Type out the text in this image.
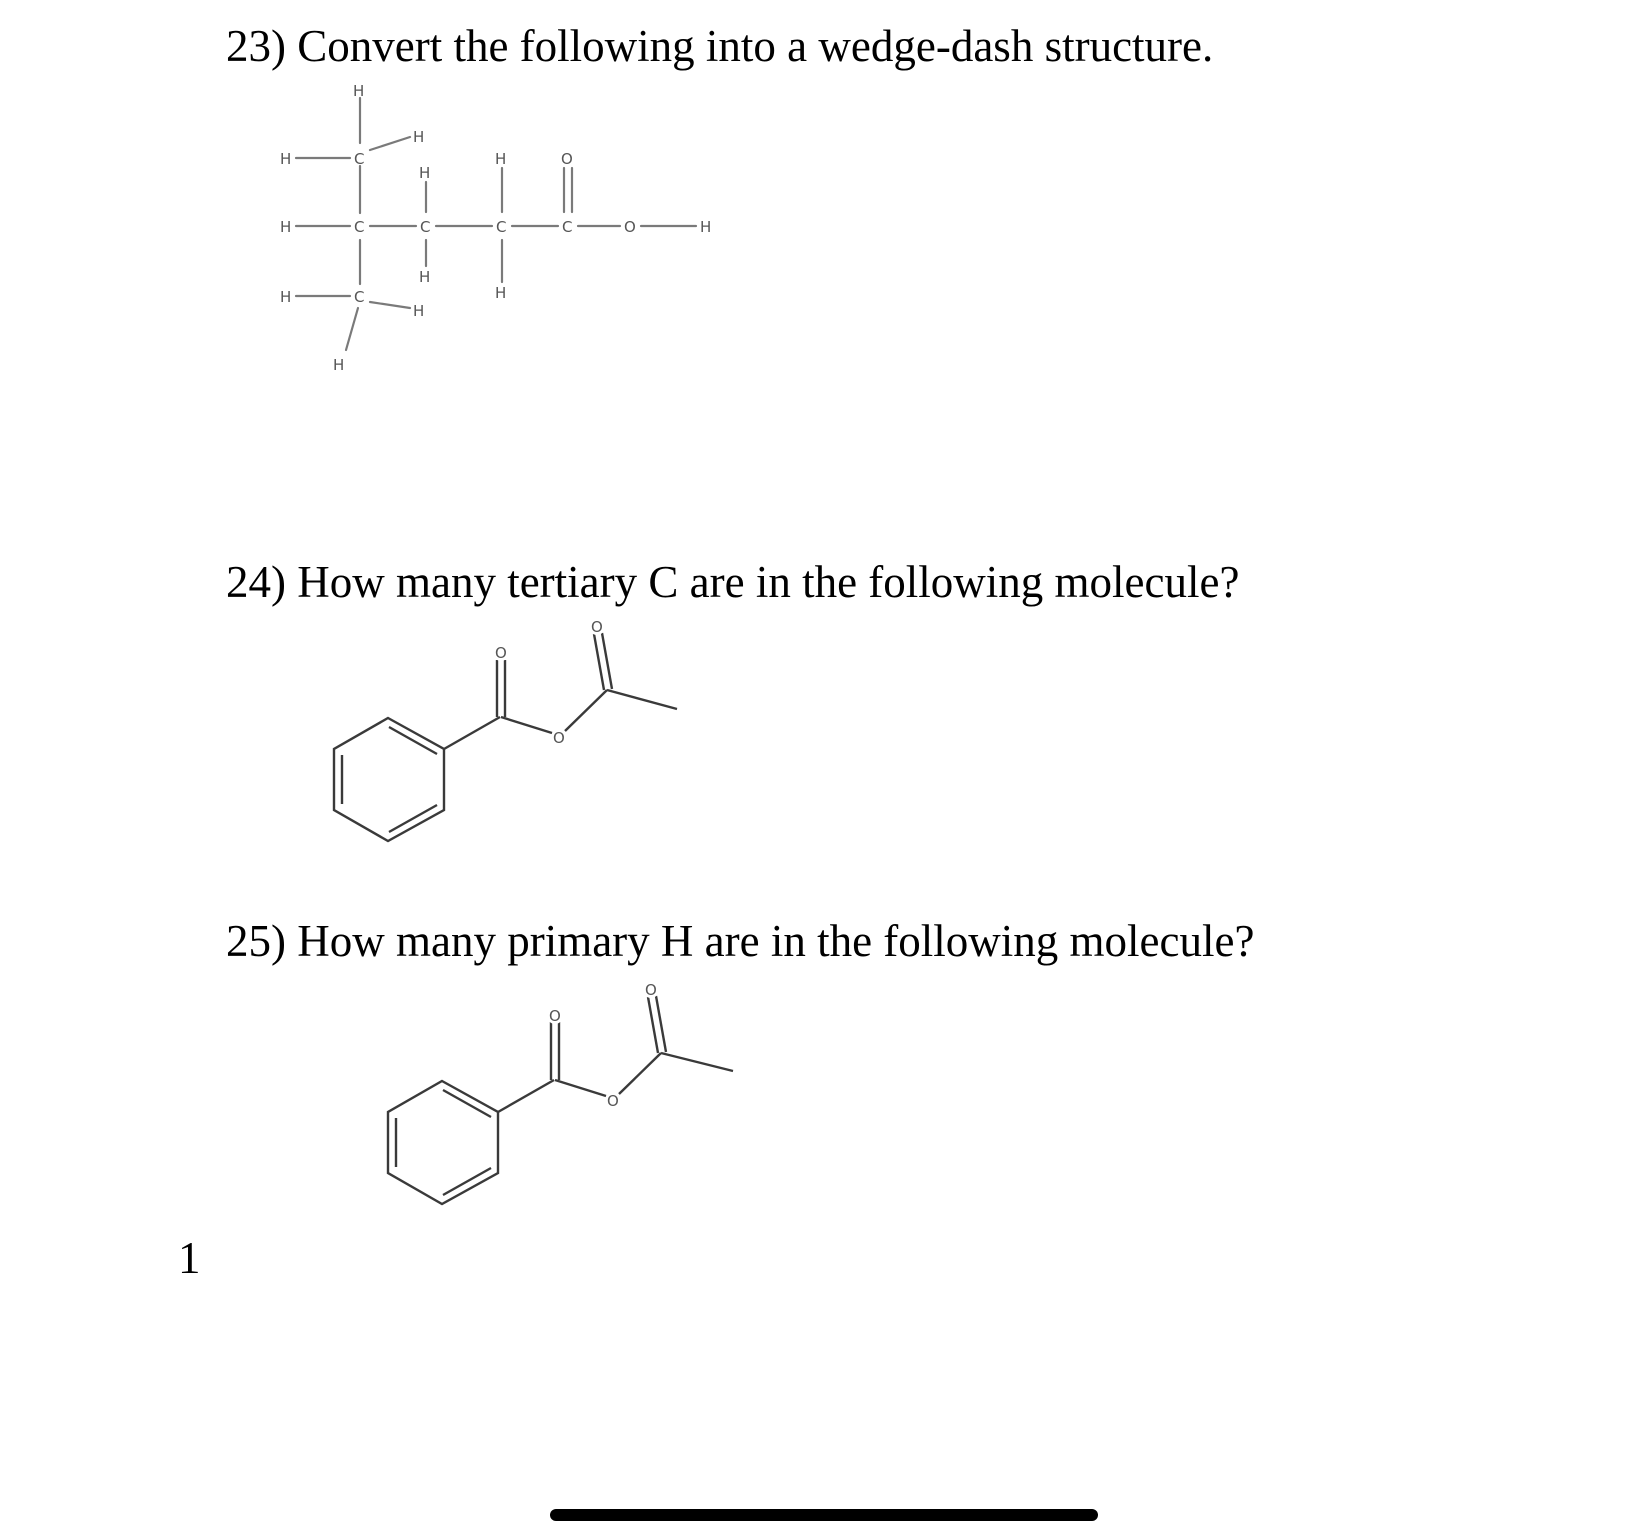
23) Convert the following into a wedge-dash structure.
24) How many tertiary C are in the following molecule?
25) How many primary H are in the following molecule?
H
H	C
H
H	O
H
H	C	C	C	C	O	H
H
H
H	C
H
H
O
O
O
O
O
O
1
